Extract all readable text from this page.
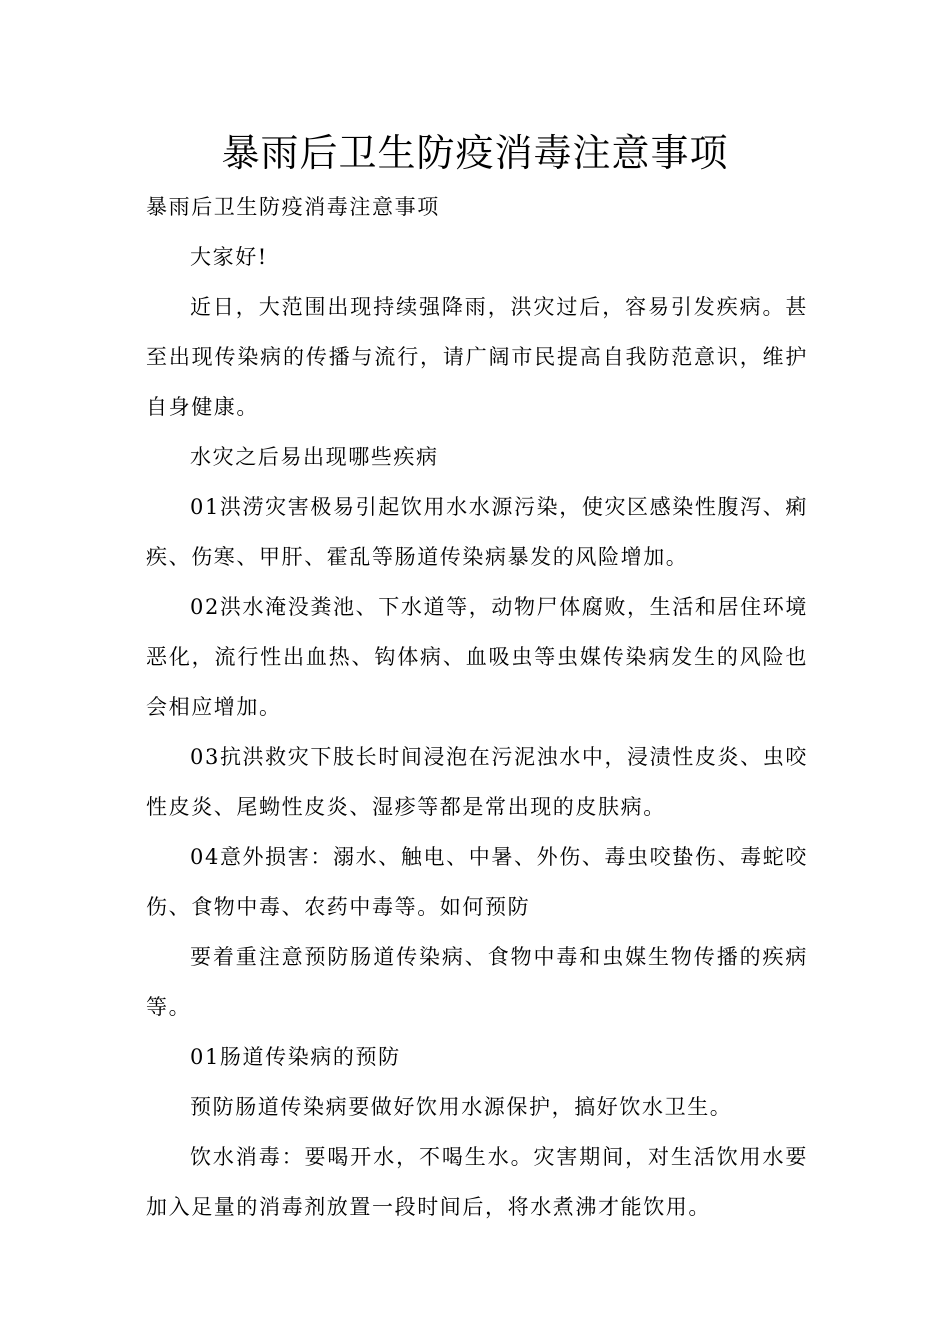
暴雨后卫生防疫消毒注意事项

暴雨后卫生防疫消毒注意事项

大家好!

近日，大范围出现持续强降雨，洪灾过后，容易引发疾病。甚至出现传染病的传播与流行，请广阔市民提高自我防范意识，维护自身健康。

水灾之后易出现哪些疾病

01洪涝灾害极易引起饮用水水源污染，使灾区感染性腹泻、痢疾、伤寒、甲肝、霍乱等肠道传染病暴发的风险增加。

02洪水淹没粪池、下水道等，动物尸体腐败，生活和居住环境恶化，流行性出血热、钩体病、血吸虫等虫媒传染病发生的风险也会相应增加。

03抗洪救灾下肢长时间浸泡在污泥浊水中，浸渍性皮炎、虫咬性皮炎、尾蚴性皮炎、湿疹等都是常出现的皮肤病。

04意外损害：溺水、触电、中暑、外伤、毒虫咬蛰伤、毒蛇咬伤、食物中毒、农药中毒等。如何预防

要着重注意预防肠道传染病、食物中毒和虫媒生物传播的疾病等。

01肠道传染病的预防

预防肠道传染病要做好饮用水源保护，搞好饮水卫生。

饮水消毒：要喝开水，不喝生水。灾害期间，对生活饮用水要加入足量的消毒剂放置一段时间后，将水煮沸才能饮用。
